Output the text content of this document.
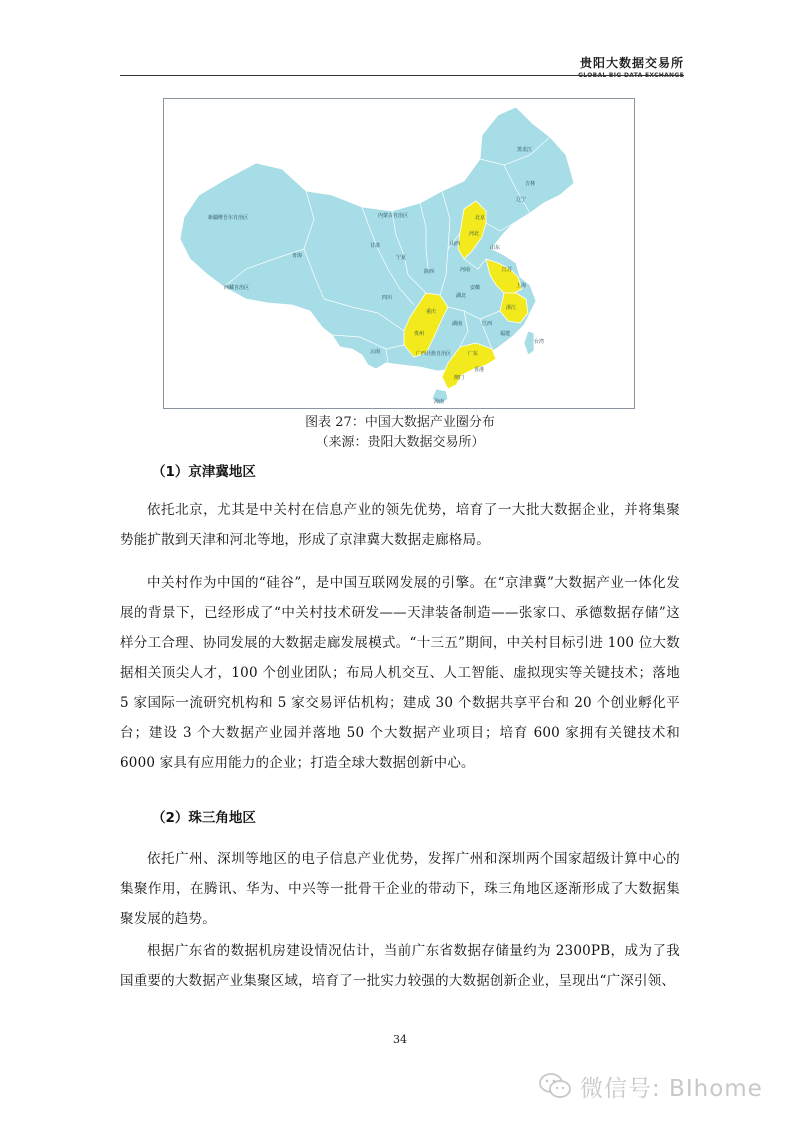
贵阳大数据交易所
GLOBAL BIG DATA EXCHANGE
黑龙江
吉林
辽宁
新疆维吾尔自治区	内蒙古自治区	北京
河北
山西
山东
甘肃
青海	宁夏
陕西	河南	江苏
安徽	上海
湖北
四川
西藏自治区
重庆
浙江
湖南	江西
贵州	福建
台湾
云南	广西壮族自治区	广东
香港
澳门
海南
图表 27：中国大数据产业圈分布
（来源：贵阳大数据交易所）
（1）京津冀地区

依托北京，尤其是中关村在信息产业的领先优势，培育了一大批大数据企业，并将集聚势能扩散到天津和河北等地，形成了京津冀大数据走廊格局。

中关村作为中国的“硅谷”，是中国互联网发展的引擎。在“京津冀”大数据产业一体化发展的背景下，已经形成了“中关村技术研发——天津装备制造——张家口、承德数据存储”这样分工合理、协同发展的大数据走廊发展模式。“十三五”期间，中关村目标引进 100 位大数据相关顶尖人才，100 个创业团队；布局人机交互、人工智能、虚拟现实等关键技术；落地 5 家国际一流研究机构和 5 家交易评估机构；建成 30 个数据共享平台和 20 个创业孵化平台；建设 3 个大数据产业园并落地 50 个大数据产业项目；培育 600 家拥有关键技术和 6000 家具有应用能力的企业；打造全球大数据创新中心。

（2）珠三角地区

依托广州、深圳等地区的电子信息产业优势，发挥广州和深圳两个国家超级计算中心的集聚作用，在腾讯、华为、中兴等一批骨干企业的带动下，珠三角地区逐渐形成了大数据集聚发展的趋势。

根据广东省的数据机房建设情况估计，当前广东省数据存储量约为 2300PB，成为了我国重要的大数据产业集聚区域，培育了一批实力较强的大数据创新企业，呈现出“广深引领、

34
微信号: BIhome
